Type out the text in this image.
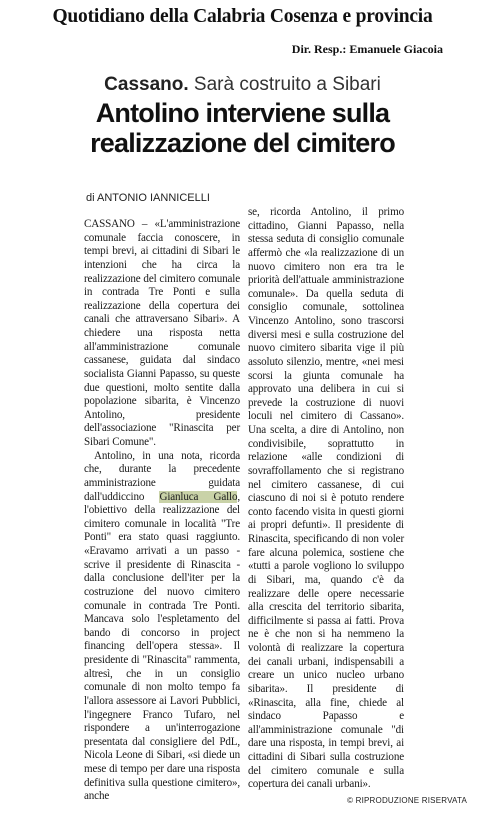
Quotidiano della Calabria Cosenza e provincia
Dir. Resp.: Emanuele Giacoia
Cassano. Sarà costruito a Sibari
Antolino interviene sulla realizzazione del cimitero
di ANTONIO IANNICELLI

CASSANO – «L'amministrazione comunale faccia conoscere, in tempi brevi, ai cittadini di Sibari le intenzioni che ha circa la realizzazione del cimitero comunale in contrada Tre Ponti e sulla realizzazione della copertura dei canali che attraversano Sibari». A chiedere una risposta netta all'amministrazione comunale cassanese, guidata dal sindaco socialista Gianni Papasso, su queste due questioni, molto sentite dalla popolazione sibarita, è Vincenzo Antolino, presidente dell'associazione "Rinascita per Sibari Comune".

Antolino, in una nota, ricorda che, durante la precedente amministrazione guidata dall'uddiccino Gianluca Gallo, l'obiettivo della realizzazione del cimitero comunale in località "Tre Ponti" era stato quasi raggiunto. «Eravamo arrivati a un passo - scrive il presidente di Rinascita - dalla conclusione dell'iter per la costruzione del nuovo cimitero comunale in contrada Tre Ponti. Mancava solo l'espletamento del bando di concorso in project financing dell'opera stessa». Il presidente di "Rinascita" rammenta, altresì, che in un consiglio comunale di non molto tempo fa l'allora assessore ai Lavori Pubblici, l'ingegnere Franco Tufaro, nel rispondere a un'interrogazione presentata dal consigliere del PdL, Nicola Leone di Sibari, «si diede un mese di tempo per dare una risposta definitiva sulla questione cimitero», anche

se, ricorda Antolino, il primo cittadino, Gianni Papasso, nella stessa seduta di consiglio comunale affermò che «la realizzazione di un nuovo cimitero non era tra le priorità dell'attuale amministrazione comunale». Da quella seduta di consiglio comunale, sottolinea Vincenzo Antolino, sono trascorsi diversi mesi e sulla costruzione del nuovo cimitero sibarita vige il più assoluto silenzio, mentre, «nei mesi scorsi la giunta comunale ha approvato una delibera in cui si prevede la costruzione di nuovi loculi nel cimitero di Cassano». Una scelta, a dire di Antolino, non condivisibile, soprattutto in relazione «alle condizioni di sovraffollamento che si registrano nel cimitero cassanese, di cui ciascuno di noi si è potuto rendere conto facendo visita in questi giorni ai propri defunti». Il presidente di Rinascita, specificando di non voler fare alcuna polemica, sostiene che «tutti a parole vogliono lo sviluppo di Sibari, ma, quando c'è da realizzare delle opere necessarie alla crescita del territorio sibarita, difficilmente si passa ai fatti. Prova ne è che non si ha nemmeno la volontà di realizzare la copertura dei canali urbani, indispensabili a creare un unico nucleo urbano sibarita». Il presidente di «Rinascita, alla fine, chiede al sindaco Papasso e all'amministrazione comunale "di dare una risposta, in tempi brevi, ai cittadini di Sibari sulla costruzione del cimitero comunale e sulla copertura dei canali urbani».

© RIPRODUZIONE RISERVATA
